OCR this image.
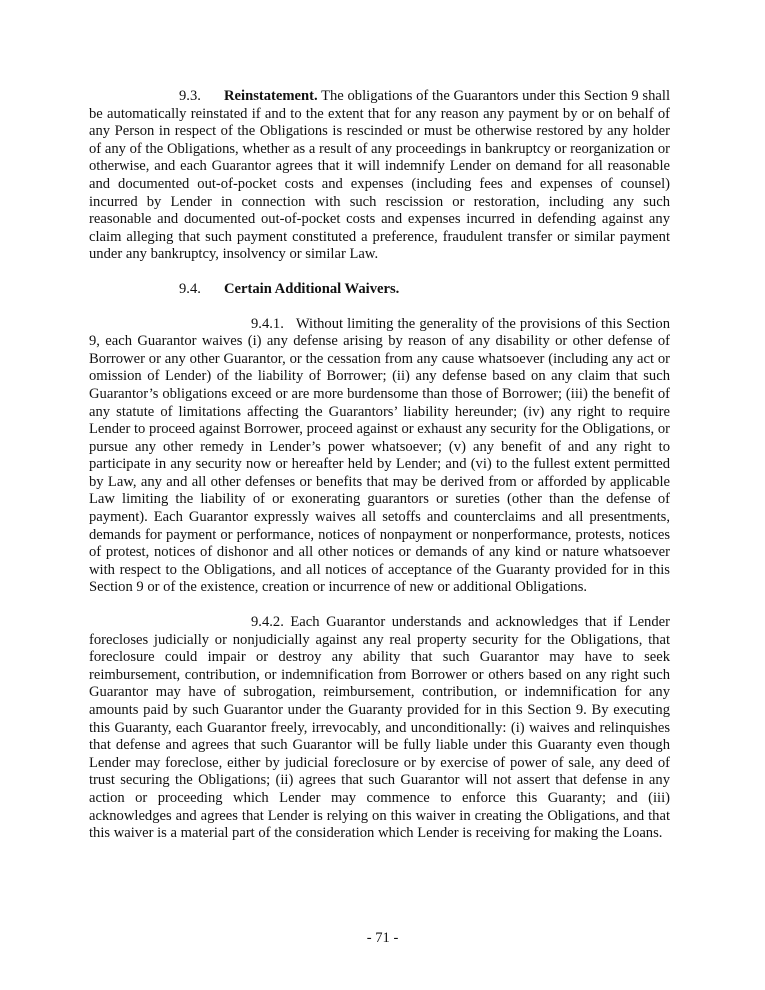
9.3. Reinstatement. The obligations of the Guarantors under this Section 9 shall be automatically reinstated if and to the extent that for any reason any payment by or on behalf of any Person in respect of the Obligations is rescinded or must be otherwise restored by any holder of any of the Obligations, whether as a result of any proceedings in bankruptcy or reorganization or otherwise, and each Guarantor agrees that it will indemnify Lender on demand for all reasonable and documented out-of-pocket costs and expenses (including fees and expenses of counsel) incurred by Lender in connection with such rescission or restoration, including any such reasonable and documented out-of-pocket costs and expenses incurred in defending against any claim alleging that such payment constituted a preference, fraudulent transfer or similar payment under any bankruptcy, insolvency or similar Law.

9.4. Certain Additional Waivers.

9.4.1. Without limiting the generality of the provisions of this Section 9, each Guarantor waives (i) any defense arising by reason of any disability or other defense of Borrower or any other Guarantor, or the cessation from any cause whatsoever (including any act or omission of Lender) of the liability of Borrower; (ii) any defense based on any claim that such Guarantor’s obligations exceed or are more burdensome than those of Borrower; (iii) the benefit of any statute of limitations affecting the Guarantors’ liability hereunder; (iv) any right to require Lender to proceed against Borrower, proceed against or exhaust any security for the Obligations, or pursue any other remedy in Lender’s power whatsoever; (v) any benefit of and any right to participate in any security now or hereafter held by Lender; and (vi) to the fullest extent permitted by Law, any and all other defenses or benefits that may be derived from or afforded by applicable Law limiting the liability of or exonerating guarantors or sureties (other than the defense of payment). Each Guarantor expressly waives all setoffs and counterclaims and all presentments, demands for payment or performance, notices of nonpayment or nonperformance, protests, notices of protest, notices of dishonor and all other notices or demands of any kind or nature whatsoever with respect to the Obligations, and all notices of acceptance of the Guaranty provided for in this Section 9 or of the existence, creation or incurrence of new or additional Obligations.

9.4.2. Each Guarantor understands and acknowledges that if Lender forecloses judicially or nonjudicially against any real property security for the Obligations, that foreclosure could impair or destroy any ability that such Guarantor may have to seek reimbursement, contribution, or indemnification from Borrower or others based on any right such Guarantor may have of subrogation, reimbursement, contribution, or indemnification for any amounts paid by such Guarantor under the Guaranty provided for in this Section 9. By executing this Guaranty, each Guarantor freely, irrevocably, and unconditionally: (i) waives and relinquishes that defense and agrees that such Guarantor will be fully liable under this Guaranty even though Lender may foreclose, either by judicial foreclosure or by exercise of power of sale, any deed of trust securing the Obligations; (ii) agrees that such Guarantor will not assert that defense in any action or proceeding which Lender may commence to enforce this Guaranty; and (iii) acknowledges and agrees that Lender is relying on this waiver in creating the Obligations, and that this waiver is a material part of the consideration which Lender is receiving for making the Loans.

- 71 -
